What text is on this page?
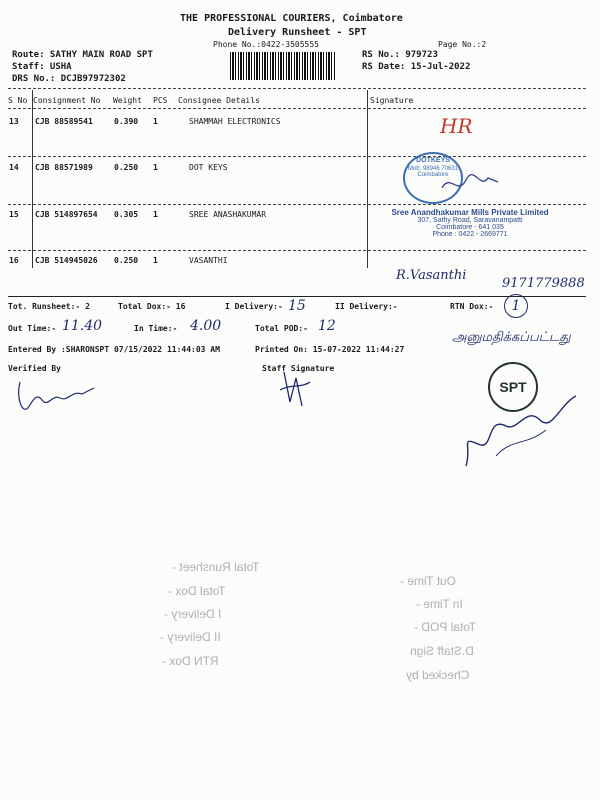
THE PROFESSIONAL COURIERS, Coimbatore
Delivery Runsheet - SPT
Phone No.:0422-3505555	Page No.:2
Route: SATHY MAIN ROAD SPT
Staff: USHA
DRS No.: DCJB97972302
RS No.: 979723
RS Date: 15-Jul-2022
S No Consignment No Weight PCS Consignee Details	Signature
13 CJB 88589541	0.390 1	SHAMMAH ELECTRONICS	HR
14 CJB 88571989	0.250 1	DOT KEYS
DOTKEYS
Mob: 98946 70631
Coimbatore
15 CJB 514897654 0.305 1	SREE ANASHAKUMAR	Sree Anandhakumar Mills Private Limited
307, Sathy Road, Saravanampatti
Coimbatore - 641 035
Phone : 0422 - 2669771
16 CJB 514945026 0.250 1	VASANTHI
R.Vasanthi
9171779888
Tot. Runsheet:- 2	Total Dox:- 16	I Delivery:- 15	II Delivery:-	RTN Dox:-	1
Out Time:- 11.40	In Time:- 4.00	Total POD:- 12
அனுமதிக்கப்பட்டது
Entered By :SHARONSPT 07/15/2022 11:44:03 AM	Printed On: 15-07-2022 11:44:27
Verified By	Staff Signature
SPT
Total Runsheet -
Total Dox -
I Delivery -
II Delivery -
RTN Dox -
Out Time -
In Time -
Total POD -
D.Staff Sign
Checked by
